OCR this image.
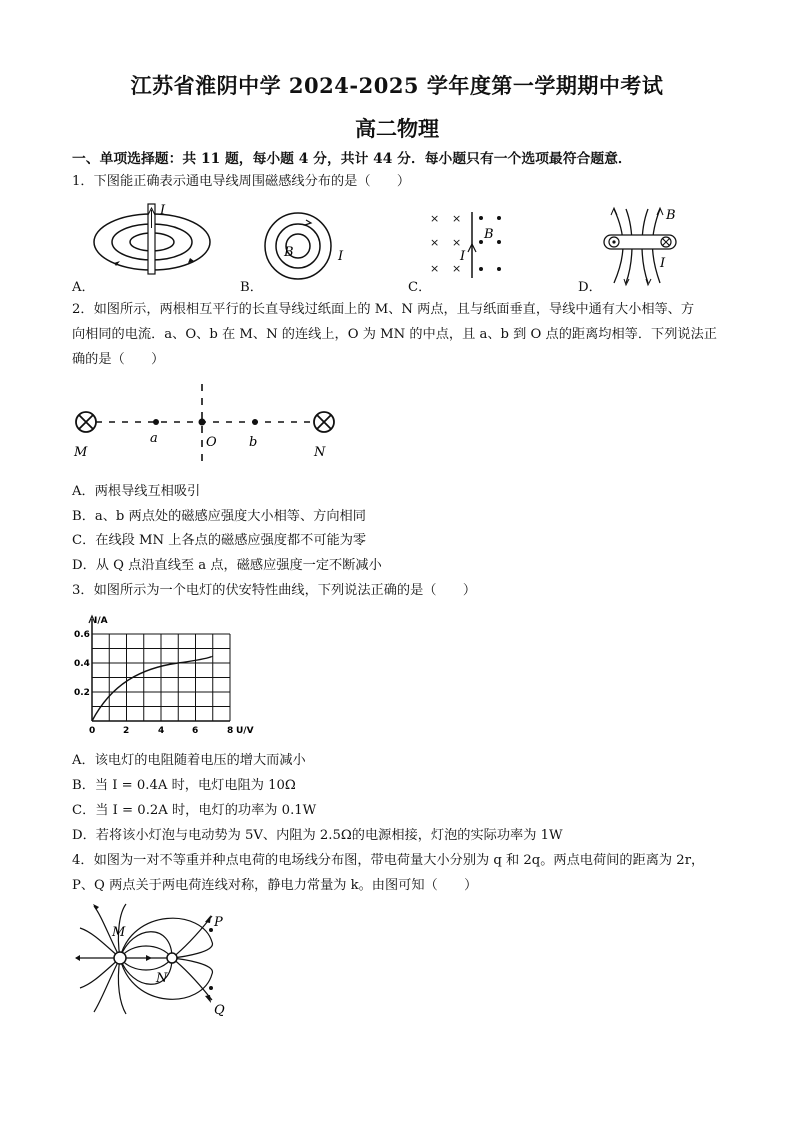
江苏省淮阴中学 2024-2025 学年度第一学期期中考试
高二物理
一、单项选择题：共 11 题，每小题 4 分，共计 44 分．每小题只有一个选项最符合题意．
1．下图能正确表示通电导线周围磁感线分布的是（　　）
A．	B．	C．	D．
I
B	I
× ×
× ×
× ×
B
I
B
I
2．如图所示，两根相互平行的长直导线过纸面上的 M、N 两点，且与纸面垂直，导线中通有大小相等、方
向相同的电流．a、O、b 在 M、N 的连线上，O 为 MN 的中点，且 a、b 到 O 点的距离均相等．下列说法正
确的是（　　）
M
a	O b
N
A．两根导线互相吸引
B．a、b 两点处的磁感应强度大小相等、方向相同
C．在线段 MN 上各点的磁感应强度都不可能为零
D．从 Q 点沿直线至 a 点，磁感应强度一定不断减小
3．如图所示为一个电灯的伏安特性曲线，下列说法正确的是（　　）
I/A
0.6
0.4
0.2
0	2	4	6	8 U/V
A．该电灯的电阻随着电压的增大而减小
B．当 I = 0.4A 时，电灯电阻为 10Ω
C．当 I = 0.2A 时，电灯的功率为 0.1W
D．若将该小灯泡与电动势为 5V、内阻为 2.5Ω的电源相接，灯泡的实际功率为 1W
4．如图为一对不等重并种点电荷的电场线分布图，带电荷量大小分别为 q 和 2q。两点电荷间的距离为 2r，
P、Q 两点关于两电荷连线对称，静电力常量为 k。由图可知（　　）
M
N
P
Q
